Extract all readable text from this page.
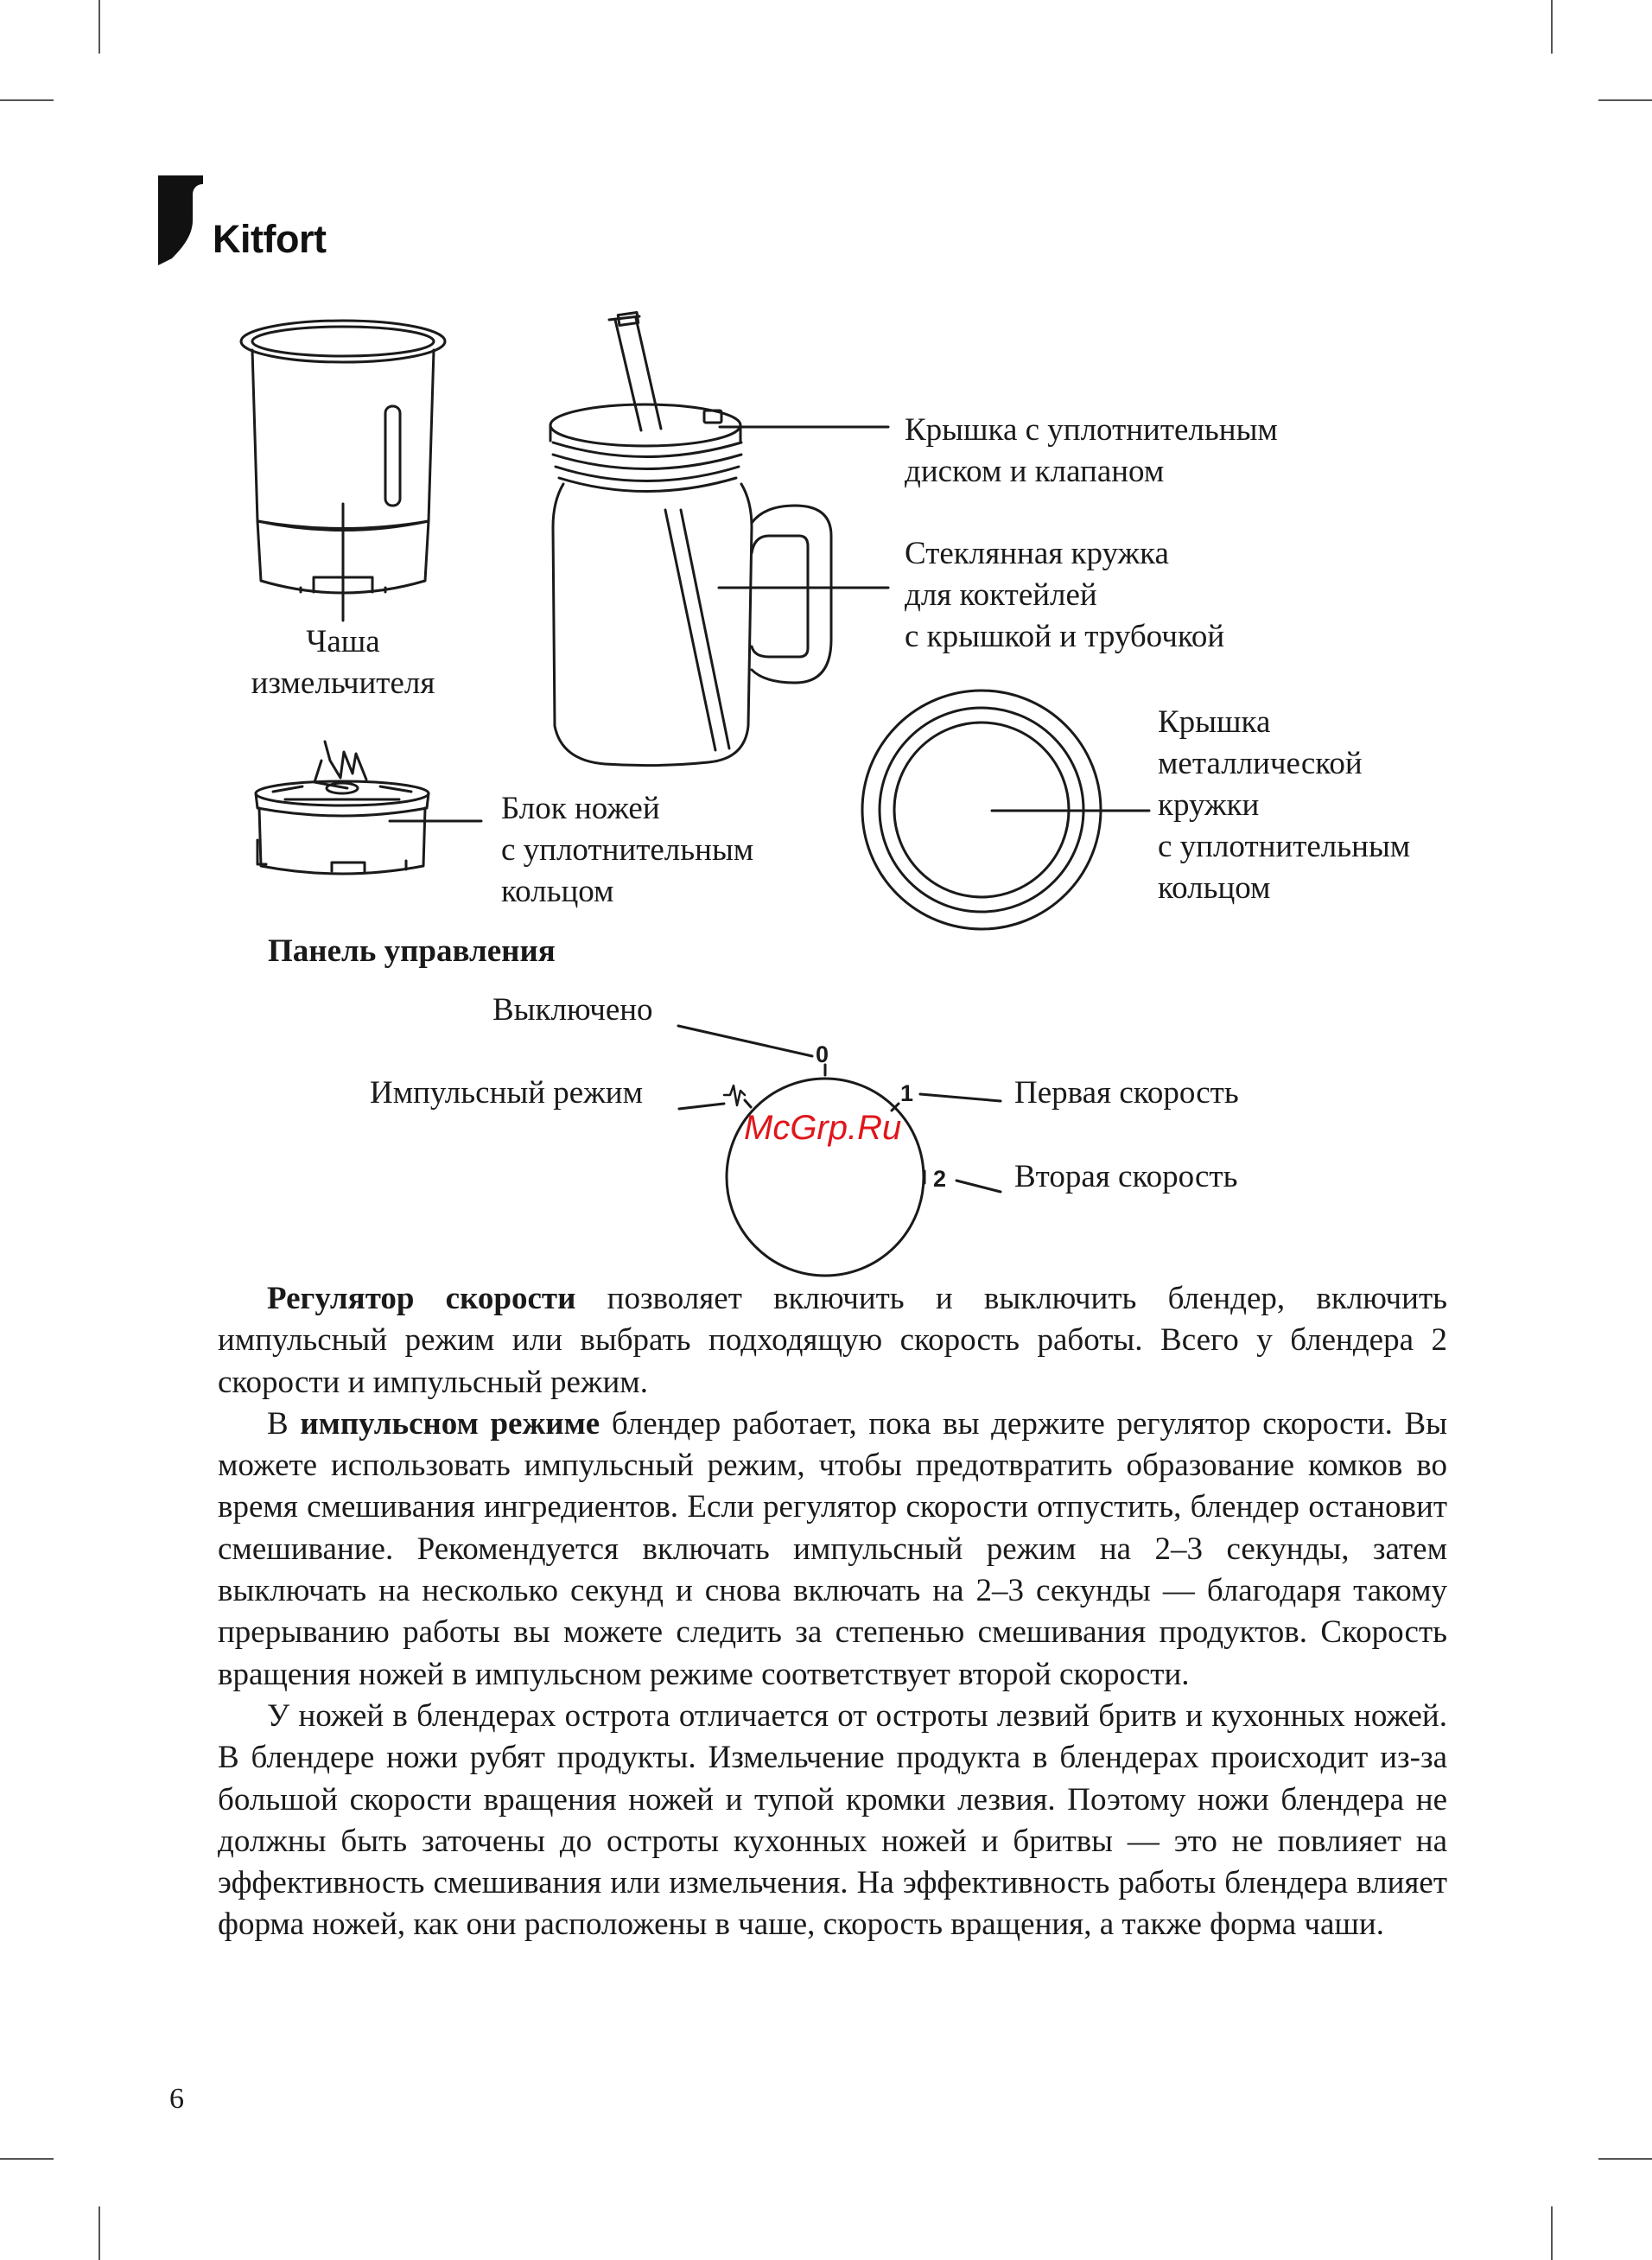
Kitfort
Чаша
измельчителя
Крышка с уплотнительным
диском и клапаном
Стеклянная кружка
для коктейлей
с крышкой и трубочкой
Крышка
металлической
кружки
с уплотнительным
кольцом
Блок ножей
с уплотнительным
кольцом
Панель управления
Выключено
Импульсный режим	Первая скорость
Вторая скорость
0
1
2
McGrp.Ru

Регулятор скорости позволяет включить и выключить блендер, включить импульсный режим или выбрать подходящую скорость работы. Всего у блендера 2 скорости и импульсный режим.

В импульсном режиме блендер работает, пока вы держите регулятор скорости. Вы можете использовать импульсный режим, чтобы предотвратить образование комков во время смешивания ингредиентов. Если регулятор скорости отпустить, блендер остановит смешивание. Рекомендуется включать импульсный режим на 2–3 секунды, затем выключать на несколько секунд и снова включать на 2–3 секунды — благодаря такому прерыванию работы вы можете следить за степенью смешивания продуктов. Скорость вращения ножей в импульсном режиме соответствует второй скорости.

У ножей в блендерах острота отличается от остроты лезвий бритв и кухонных ножей. В блендере ножи рубят продукты. Измельчение продукта в блендерах происходит из-за большой скорости вращения ножей и тупой кромки лезвия. Поэтому ножи блендера не должны быть заточены до остроты кухонных ножей и бритвы — это не повлияет на эффективность смешивания или измельчения. На эффективность работы блендера влияет форма ножей, как они расположены в чаше, скорость вращения, а также форма чаши.

6
